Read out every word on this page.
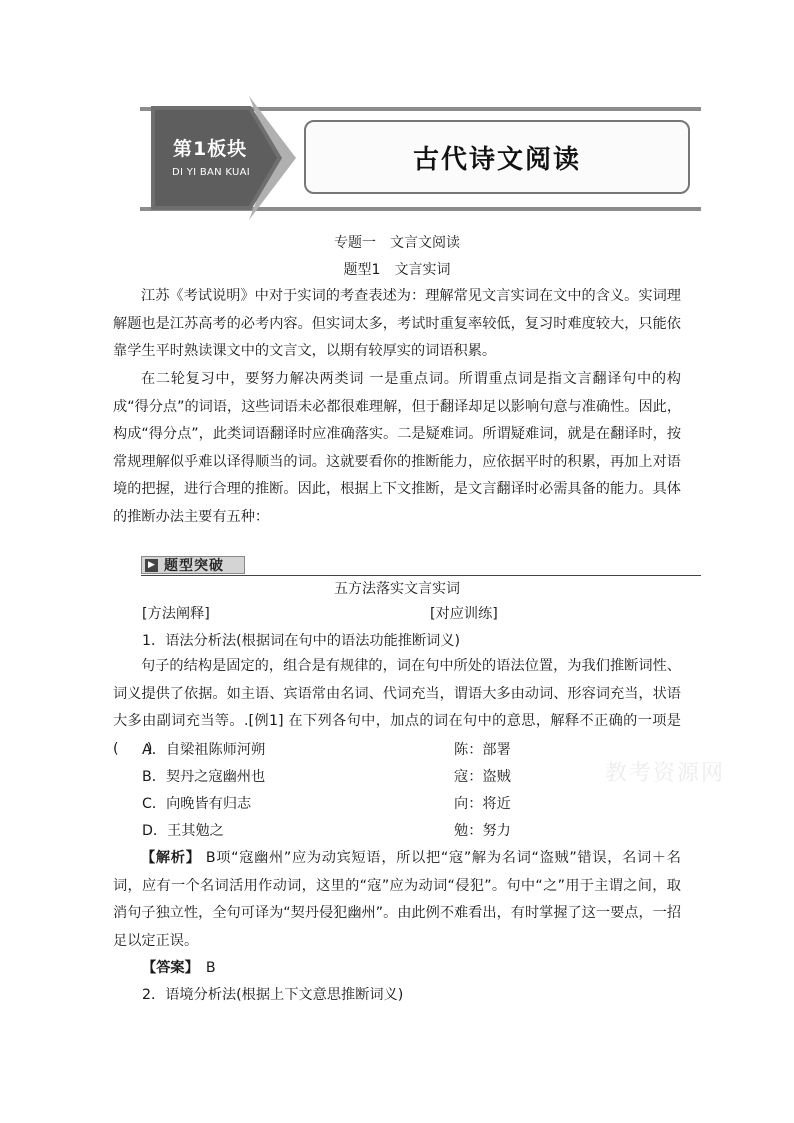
古代诗文阅读
第1板块
DI YI BAN KUAI
专题一　文言文阅读
题型1　文言实词

江苏《考试说明》中对于实词的考查表述为：理解常见文言实词在文中的含义。实词理解题也是江苏高考的必考内容。但实词太多，考试时重复率较低，复习时难度较大，只能依靠学生平时熟读课文中的文言文，以期有较厚实的词语积累。

在二轮复习中，要努力解决两类词 一是重点词。所谓重点词是指文言翻译句中的构成“得分点”的词语，这些词语未必都很难理解，但于翻译却足以影响句意与准确性。因此，构成“得分点”，此类词语翻译时应准确落实。二是疑难词。所谓疑难词，就是在翻译时，按常规理解似乎难以译得顺当的词。这就要看你的推断能力，应依据平时的积累，再加上对语境的把握，进行合理的推断。因此，根据上下文推断，是文言翻译时必需具备的能力。具体的推断办法主要有五种：

▶ 题型突破
五方法落实文言实词
[方法阐释]	[对应训练]
1．语法分析法(根据词在句中的语法功能推断词义)

句子的结构是固定的，组合是有规律的，词在句中所处的语法位置，为我们推断词性、词义提供了依据。如主语、宾语常由名词、代词充当，谓语大多由动词、形容词充当，状语大多由副词充当等。.[例1] 在下列各句中，加点的词在句中的意思，解释不正确的一项是(　　)

A．自梁祖陈师河朔	陈：部署
B．契丹之寇幽州也	寇：盗贼
C．向晚皆有归志	向：将近
D．王其勉之	勉：努力
教考资源网

【解析】 B项“寇幽州”应为动宾短语，所以把“寇”解为名词“盗贼”错误，名词＋名词，应有一个名词活用作动词，这里的“寇”应为动词“侵犯”。句中“之”用于主谓之间，取消句子独立性，全句可译为“契丹侵犯幽州”。由此例不难看出，有时掌握了这一要点，一招足以定正误。

【答案】　 B
2．语境分析法(根据上下文意思推断词义)
